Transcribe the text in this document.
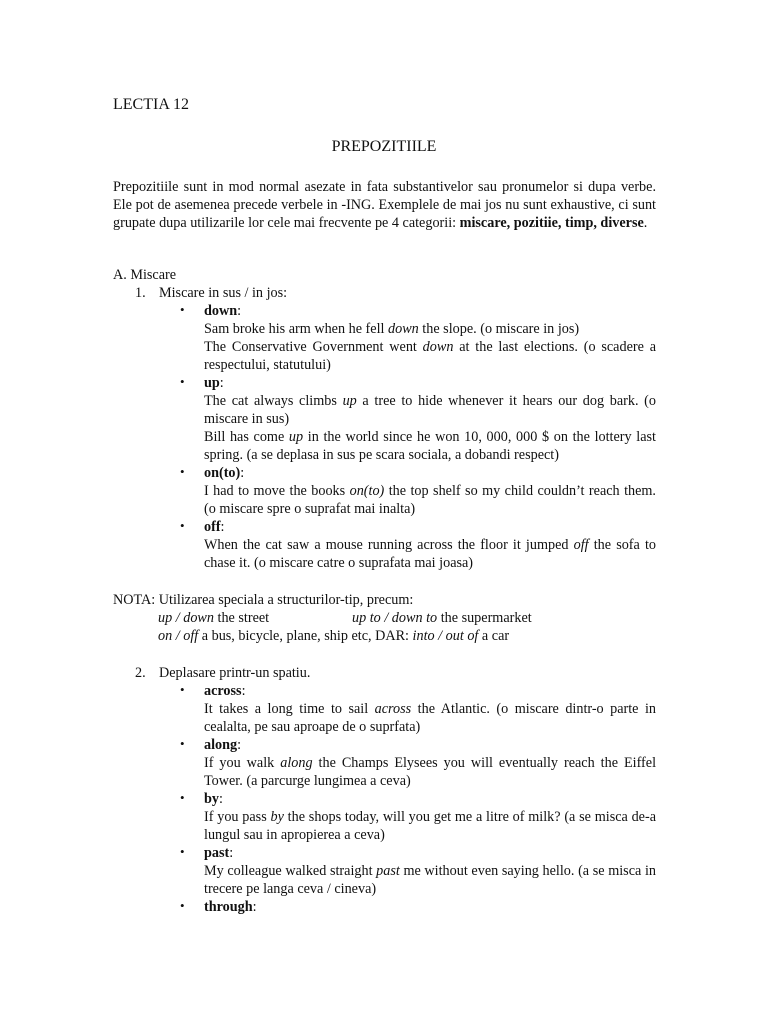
LECTIA 12
PREPOZITIILE

Prepozitiile sunt in mod normal asezate in fata substantivelor sau pronumelor si dupa verbe. Ele pot de asemenea precede verbele in -ING. Exemplele de mai jos nu sunt exhaustive, ci sunt grupate dupa utilizarile lor cele mai frecvente pe 4 categorii: miscare, pozitiie, timp, diverse.

A. Miscare
1. Miscare in sus / in jos:
• down:
Sam broke his arm when he fell down the slope. (o miscare in jos)
The Conservative Government went down at the last elections. (o scadere a respectului, statutului)
• up:
The cat always climbs up a tree to hide whenever it hears our dog bark. (o miscare in sus)
Bill has come up in the world since he won 10, 000, 000 $ on the lottery last spring. (a se deplasa in sus pe scara sociala, a dobandi respect)
• on(to):
I had to move the books on(to) the top shelf so my child couldn’t reach them. (o miscare spre o suprafat mai inalta)
• off:
When the cat saw a mouse running across the floor it jumped off the sofa to chase it. (o miscare catre o suprafata mai joasa)
NOTA: Utilizarea speciala a structurilor-tip, precum:
up / down the street	up to / down to the supermarket
on / off a bus, bicycle, plane, ship etc, DAR: into / out of a car
2. Deplasare printr-un spatiu.
• across:
It takes a long time to sail across the Atlantic. (o miscare dintr-o parte in cealalta, pe sau aproape de o suprfata)
• along:
If you walk along the Champs Elysees you will eventually reach the Eiffel Tower. (a parcurge lungimea a ceva)
• by:
If you pass by the shops today, will you get me a litre of milk? (a se misca de-a lungul sau in apropierea a ceva)
• past:
My colleague walked straight past me without even saying hello. (a se misca in trecere pe langa ceva / cineva)
• through:
